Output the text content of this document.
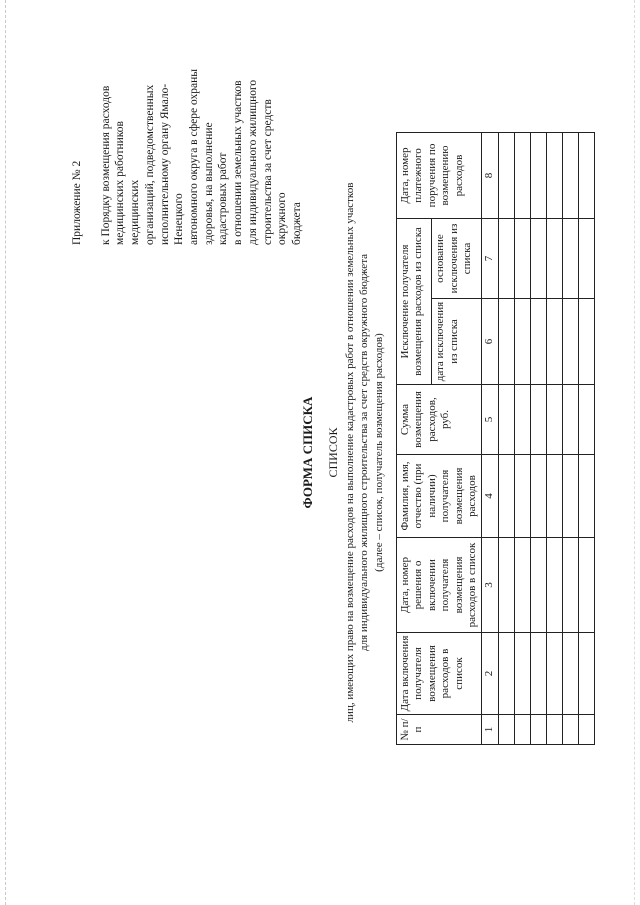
Приложение № 2 к Порядку возмещения расходов медицинских работников медицинских организаций, подведомственных исполнительному органу Ямало-Ненецкого автономного округа в сфере охраны здоровья, на выполнение кадастровых работ в отношении земельных участков для индивидуального жилищного строительства за счет средств окружного бюджета
ФОРМА СПИСКА СПИСОК лиц, имеющих право на возмещение расходов на выполнение кадастровых работ в отношении земельных участков для индивидуального жилищного строительства за счет средств окружного бюджета (далее – список, получатель возмещения расходов)
№ п/п	Дата включения получателя возмещения расходов в список	Дата, номер решения о включении получателя возмещения расходов в список	Фамилия, имя, отчество (при наличии) получателя возмещения расходов	Сумма возмещения расходов, руб.	Исключение получателя возмещения расходов из списка		Дата, номер платежного поручения по возмещению расходов
					дата исключения из списка	основание исключения из списка	
1	2	3	4	5	6	7	8
